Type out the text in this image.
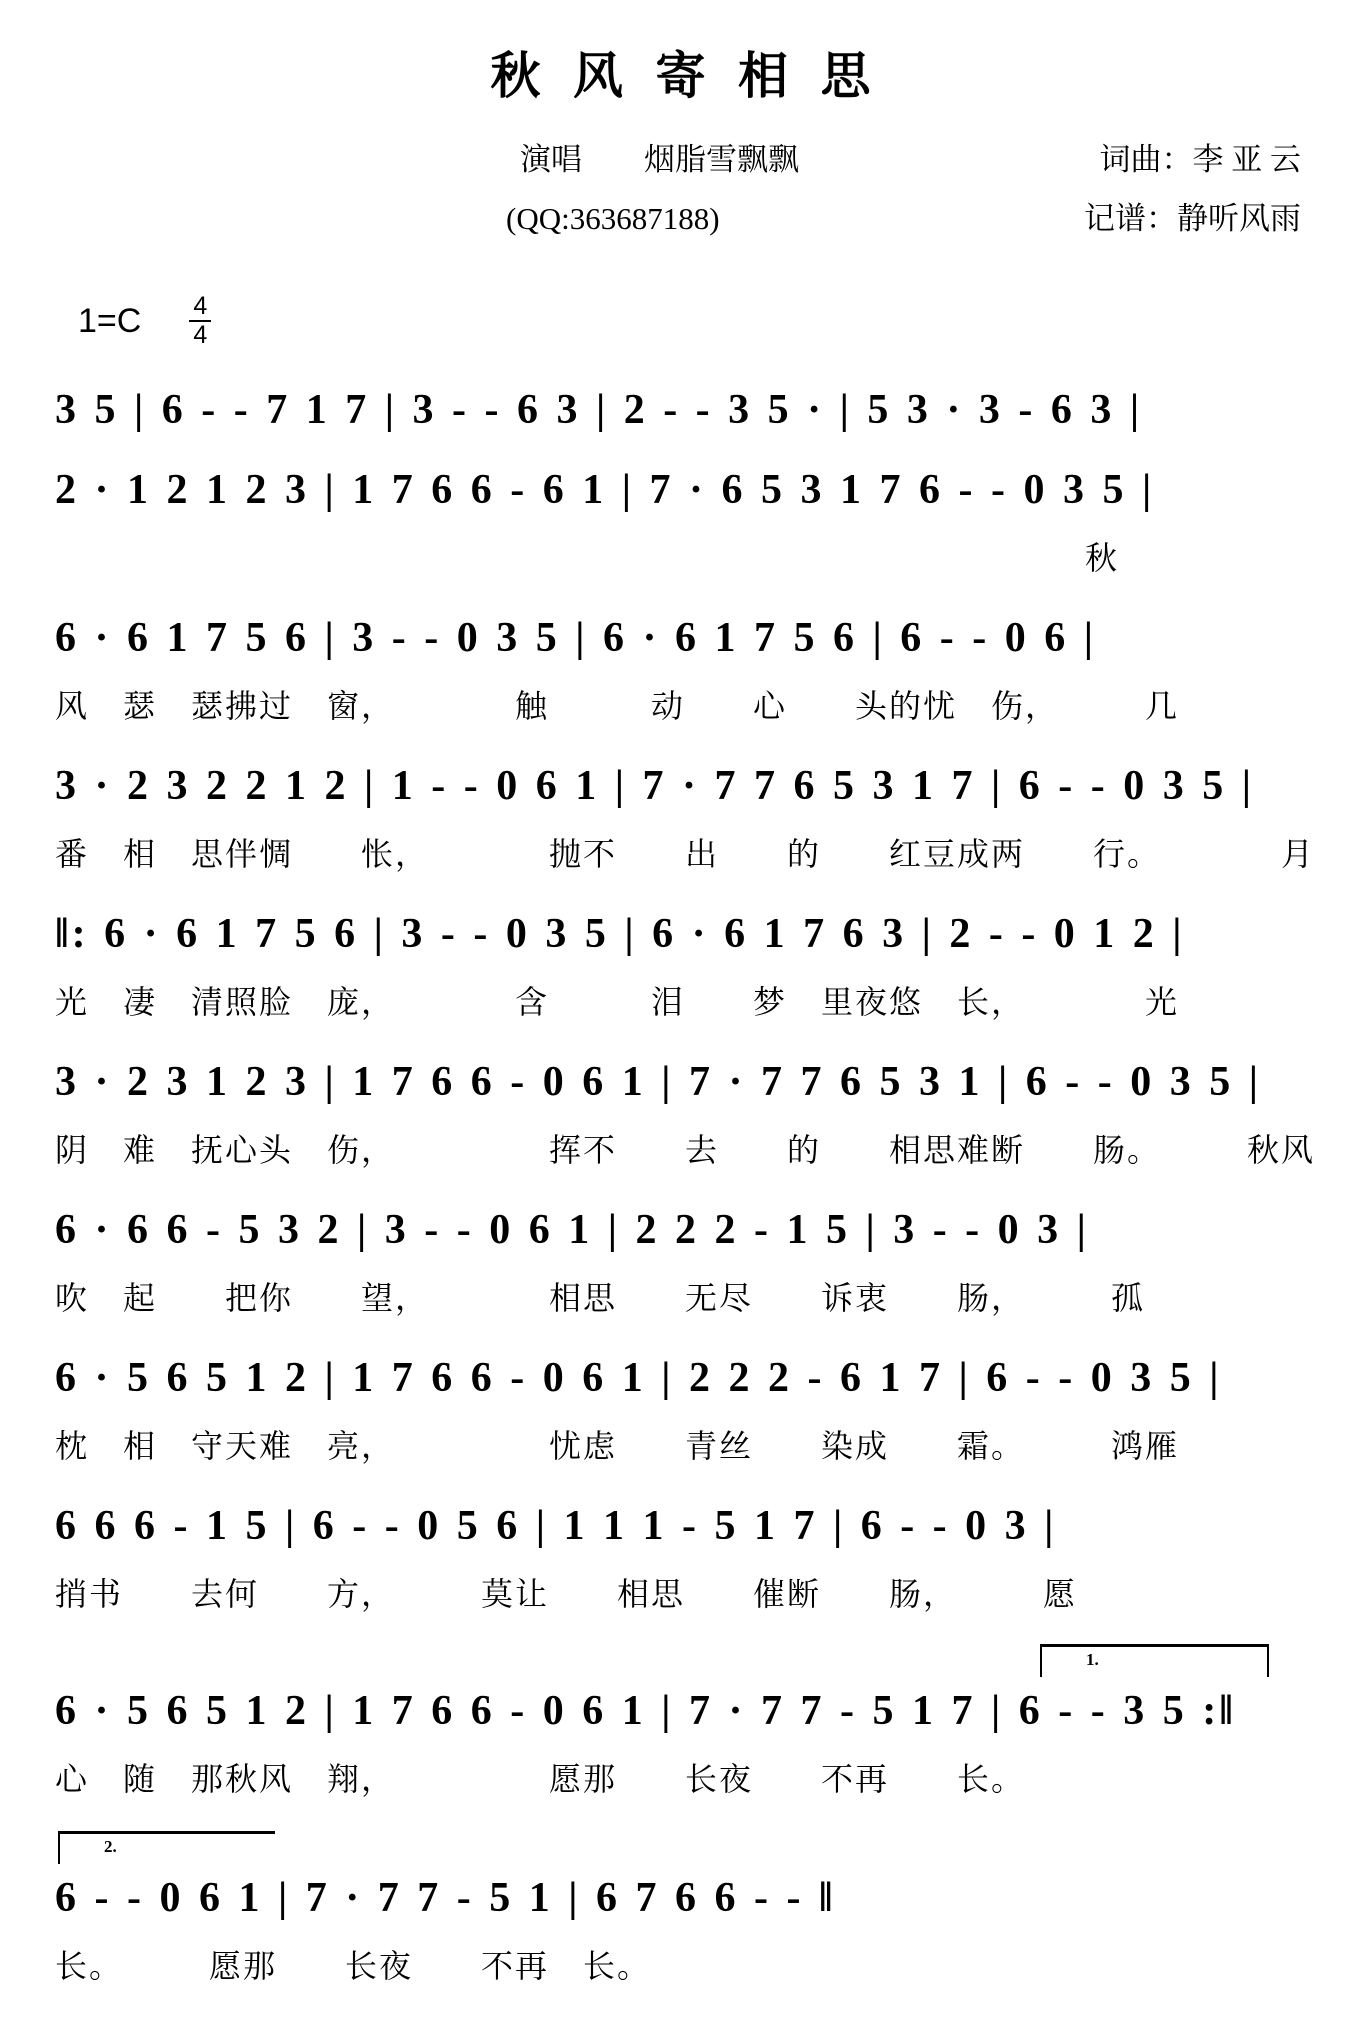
秋 风 寄 相 思
演唱　　烟脂雪飘飘	词曲：李 亚 云
(QQ:363687188)	记谱：静听风雨
$1=C \frac{4}{4}$
3 5 | 6 - - 7 1 7 | 3 - - 6 3 | 2 - - 3 5 · | 5 3 · 3 - 6 3 |
2 · 1 2 1 2 3 | 1 7 6 6 - 6 1 | 7 · 6 5 3 1 7 6 - - 0 3 5 |
秋
6 · 6 1 7 5 6 | 3 - - 0 3 5 | 6 · 6 1 7 5 6 | 6 - - 0 6 |
风　瑟　瑟拂过　窗，　　　　触　　　动　　心　　头的忧　伤，　　　几
3 · 2 3 2 2 1 2 | 1 - - 0 6 1 | 7 · 7 7 6 5 3 1 7 | 6 - - 0 3 5 |
番　相　思伴惆　　怅，　　　　抛不　　出　　的　　红豆成两　　行。　　　　月
‖: 6 · 6 1 7 5 6 | 3 - - 0 3 5 | 6 · 6 1 7 6 3 | 2 - - 0 1 2 |
光　凄　清照脸　庞，　　　　含　　　泪　　梦　里夜悠　长，　　　　光
3 · 2 3 1 2 3 | 1 7 6 6 - 0 6 1 | 7 · 7 7 6 5 3 1 | 6 - - 0 3 5 |
阴　难　抚心头　伤，　　　　　挥不　　去　　的　　相思难断　　肠。　　　秋风
6 · 6 6 - 5 3 2 | 3 - - 0 6 1 | 2 2 2 - 1 5 | 3 - - 0 3 |
吹　起　　把你　　望，　　　　相思　　无尽　　诉衷　　肠，　　　孤
6 · 5 6 5 1 2 | 1 7 6 6 - 0 6 1 | 2 2 2 - 6 1 7 | 6 - - 0 3 5 |
枕　相　守天难　亮，　　　　　忧虑　　青丝　　染成　　霜。　　　鸿雁
6 6 6 - 1 5 | 6 - - 0 5 6 | 1 1 1 - 5 1 7 | 6 - - 0 3 |
捎书　　去何　　方，　　　莫让　　相思　　催断　　肠，　　　愿
1.
6 · 5 6 5 1 2 | 1 7 6 6 - 0 6 1 | 7 · 7 7 - 5 1 7 | 6 - - 3 5 :‖
心　随　那秋风　翔，　　　　　愿那　　长夜　　不再　　长。
2.
6 - - 0 6 1 | 7 · 7 7 - 5 1 | 6 7 6 6 - - ‖
长。　　　愿那　　长夜　　不再　长。
